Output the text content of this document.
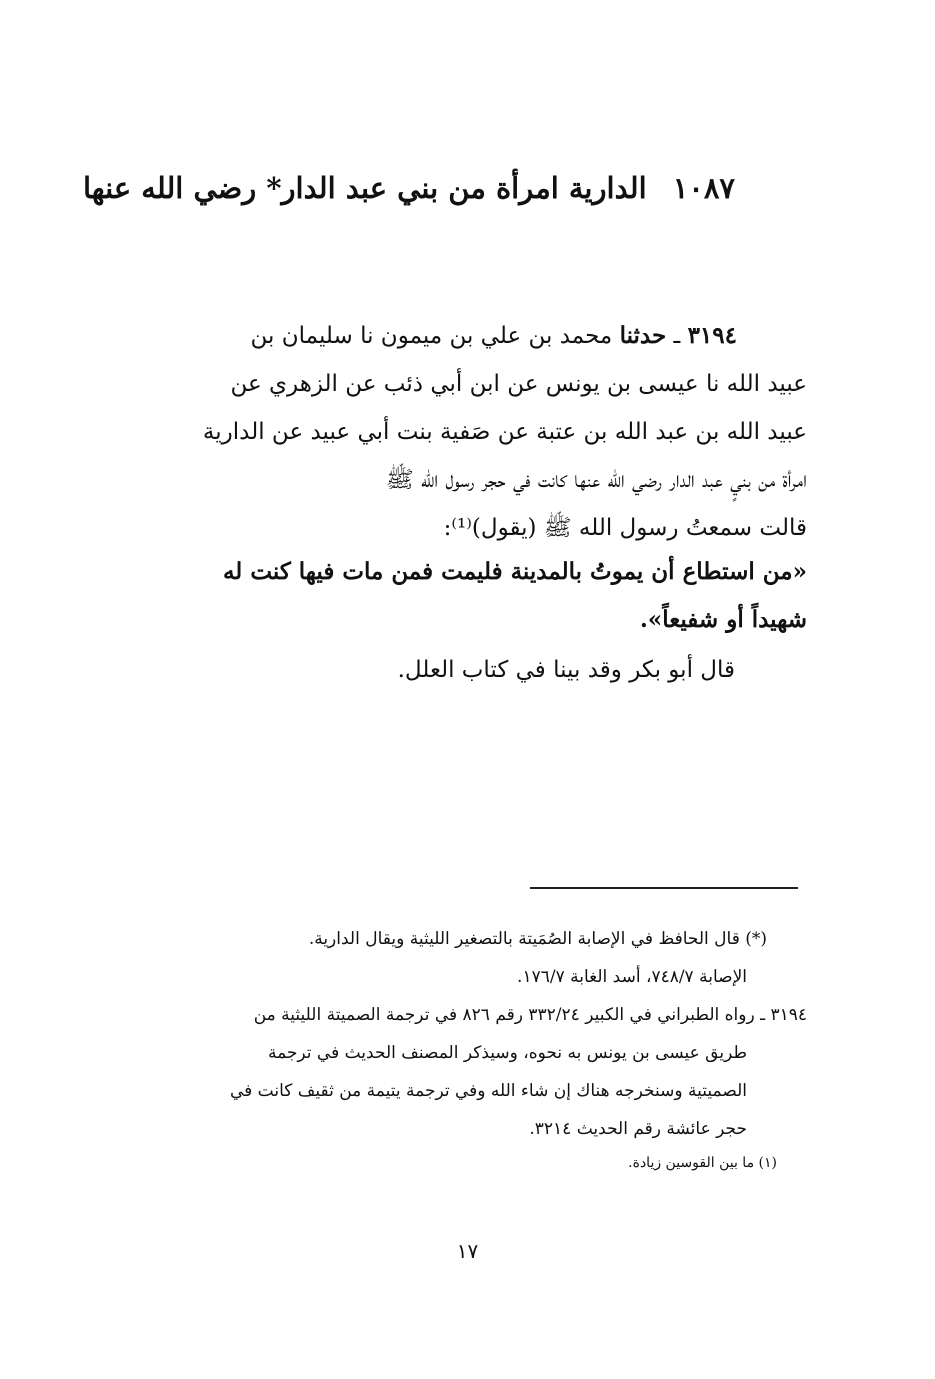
١٠٨٧الدارية امرأة من بني عبد الدار* رضي الله عنها
٣١٩٤ ـ حدثنا محمد بن علي بن ميمون نا سليمان بن
عبيد الله نا عيسى بن يونس عن ابن أبي ذئب عن الزهري عن
عبيد الله بن عبد الله بن عتبة عن صَفية بنت أبي عبيد عن الدارية
امرأة من بنيٍ عبد الدار رضي الله عنها كانت في حجر رسول الله ﷺ
قالت سمعتُ رسول الله ﷺ (يقول)⁽¹⁾:
«من استطاع أن يموتُ بالمدينة فليمت فمن مات فيها كنت له
شهيداً أو شفيعاً».
قال أبو بكر وقد بينا في كتاب العلل.
(*) قال الحافظ في الإصابة الصُمَيتة بالتصغير الليثية ويقال الدارية.
الإصابة ٧٤٨/٧، أسد الغابة ١٧٦/٧.
٣١٩٤ ـ رواه الطبراني في الكبير ٣٣٢/٢٤ رقم ٨٢٦ في ترجمة الصميتة الليثية من
طريق عيسى بن يونس به نحوه، وسيذكر المصنف الحديث في ترجمة
الصميتية وسنخرجه هناك إن شاء الله وفي ترجمة يتيمة من ثقيف كانت في
حجر عائشة رقم الحديث ٣٢١٤.
(١) ما بين القوسين زيادة.
١٧
